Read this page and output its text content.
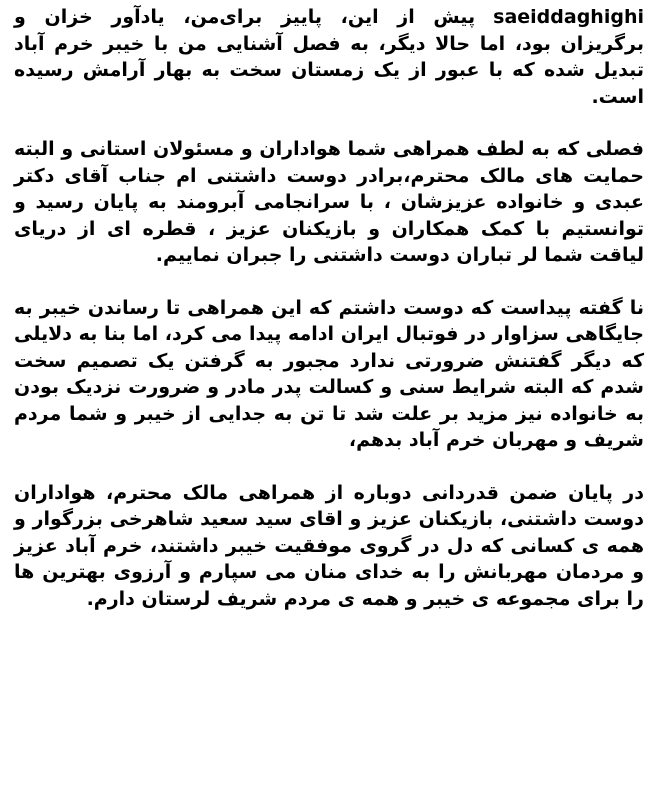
saeiddaghighi
پیش از این، پاییز برای‌من، یادآور خزان و برگریزان بود، اما حالا دیگر، به فصل آشنایی من با خیبر خرم آباد تبدیل شده که با عبور از یک زمستان سخت به بهار آرامش رسیده است.

فصلی که به لطف همراهی شما هواداران و مسئولان استانی و البته حمایت های مالک محترم،برادر دوست داشتنی ام جناب آقای دکتر عبدی و خانواده عزیزشان ، با سرانجامی آبرومند به پایان رسید و توانستیم با کمک همکاران و بازیکنان عزیز ، قطره ای از دریای لیاقت شما لر تباران دوست داشتنی را جبران نماییم.

نا گفته پیداست که دوست داشتم که این همراهی تا رساندن خیبر به جایگاهی سزاوار در فوتبال ایران ادامه پیدا می کرد، اما بنا به دلایلی که دیگر گفتنش ضرورتی ندارد مجبور به گرفتن یک تصمیم سخت شدم که البته شرایط سنی و کسالت پدر مادر و ضرورت نزدیک بودن به خانواده نیز مزید بر علت شد تا تن به جدایی از خیبر و شما مردم شریف و مهربان خرم آباد بدهم،

در پایان ضمن قدردانی دوباره از همراهی مالک محترم، هواداران دوست داشتنی، بازیکنان عزیز و اقای سید سعید شاهرخی بزرگوار و همه ی کسانی که دل در گروی موفقیت خیبر داشتند، خرم آباد عزیز و مردمان مهربانش را به خدای منان می سپارم و آرزوی بهترین ها را برای مجموعه ی خیبر و همه ی مردم شریف لرستان دارم.
